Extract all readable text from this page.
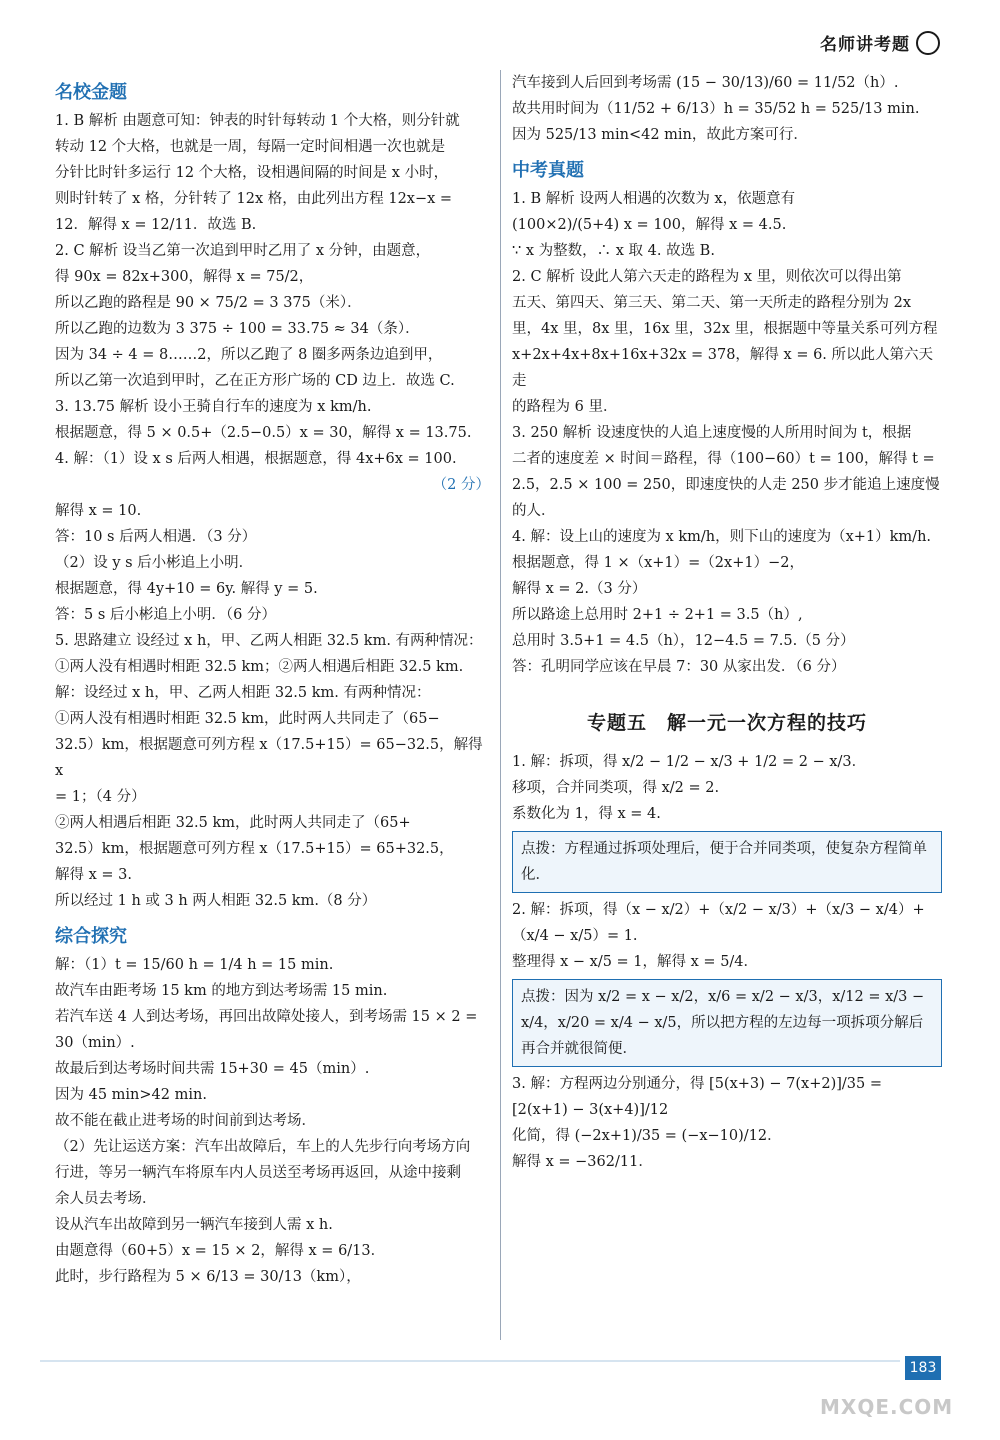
名师讲考题
名校金题
1. B 解析 由题意可知：钟表的时针每转动 1 个大格，则分针就
转动 12 个大格，也就是一周，每隔一定时间相遇一次也就是
分针比时针多运行 12 个大格，设相遇间隔的时间是 x 小时，
则时针转了 x 格，分针转了 12x 格，由此列出方程 12x−x =
12．解得 x = 12/11．故选 B.
2. C 解析 设当乙第一次追到甲时乙用了 x 分钟，由题意，
得 90x = 82x+300，解得 x = 75/2，
所以乙跑的路程是 90 × 75/2 = 3 375（米）．
所以乙跑的边数为 3 375 ÷ 100 = 33.75 ≈ 34（条）．
因为 34 ÷ 4 = 8……2，所以乙跑了 8 圈多两条边追到甲，
所以乙第一次追到甲时，乙在正方形广场的 CD 边上．故选 C.
3. 13.75 解析 设小王骑自行车的速度为 x km/h.
根据题意，得 5 × 0.5+（2.5−0.5）x = 30，解得 x = 13.75.
4. 解：（1）设 x s 后两人相遇，根据题意，得 4x+6x = 100.
（2 分）
解得 x = 10.
答：10 s 后两人相遇．（3 分）
（2）设 y s 后小彬追上小明．
根据题意，得 4y+10 = 6y. 解得 y = 5.
答：5 s 后小彬追上小明．（6 分）
5. 思路建立 设经过 x h，甲、乙两人相距 32.5 km. 有两种情况：
①两人没有相遇时相距 32.5 km；②两人相遇后相距 32.5 km.
解：设经过 x h，甲、乙两人相距 32.5 km. 有两种情况：
①两人没有相遇时相距 32.5 km，此时两人共同走了（65−
32.5）km，根据题意可列方程 x（17.5+15）= 65−32.5，解得 x
= 1；（4 分）
②两人相遇后相距 32.5 km，此时两人共同走了（65+
32.5）km，根据题意可列方程 x（17.5+15）= 65+32.5，
解得 x = 3.
所以经过 1 h 或 3 h 两人相距 32.5 km.（8 分）
综合探究
解：（1）t = 15/60 h = 1/4 h = 15 min.
故汽车由距考场 15 km 的地方到达考场需 15 min.
若汽车送 4 人到达考场，再回出故障处接人，到考场需 15 × 2 =
30（min）.
故最后到达考场时间共需 15+30 = 45（min）.
因为 45 min>42 min.
故不能在截止进考场的时间前到达考场．
（2）先让运送方案：汽车出故障后，车上的人先步行向考场方向
行进，等另一辆汽车将原车内人员送至考场再返回，从途中接剩
余人员去考场．
设从汽车出故障到另一辆汽车接到人需 x h.
由题意得（60+5）x = 15 × 2，解得 x = 6/13．
此时，步行路程为 5 × 6/13 = 30/13（km），
汽车接到人后回到考场需 (15 − 30/13)/60 = 11/52（h）.
故共用时间为（11/52 + 6/13）h = 35/52 h = 525/13 min.
因为 525/13 min<42 min，故此方案可行．
中考真题
1. B 解析 设两人相遇的次数为 x，依题意有
(100×2)/(5+4) x = 100，解得 x = 4.5.
∵ x 为整数，∴ x 取 4. 故选 B.
2. C 解析 设此人第六天走的路程为 x 里，则依次可以得出第
五天、第四天、第三天、第二天、第一天所走的路程分别为 2x
里，4x 里，8x 里，16x 里，32x 里，根据题中等量关系可列方程
x+2x+4x+8x+16x+32x = 378，解得 x = 6. 所以此人第六天走
的路程为 6 里．
3. 250 解析 设速度快的人追上速度慢的人所用时间为 t，根据
二者的速度差 × 时间＝路程，得（100−60）t = 100，解得 t =
2.5，2.5 × 100 = 250，即速度快的人走 250 步才能追上速度慢
的人．
4. 解：设上山的速度为 x km/h，则下山的速度为（x+1）km/h.
根据题意，得 1 ×（x+1）=（2x+1）−2，
解得 x = 2.（3 分）
所以路途上总用时 2+1 ÷ 2+1 = 3.5（h）,
总用时 3.5+1 = 4.5（h），12−4.5 = 7.5.（5 分）
答：孔明同学应该在早晨 7：30 从家出发．（6 分）
专题五　解一元一次方程的技巧
1. 解：拆项，得 x/2 − 1/2 − x/3 + 1/2 = 2 − x/3．
移项，合并同类项，得 x/2 = 2.
系数化为 1，得 x = 4.
点拨：方程通过拆项处理后，便于合并同类项，使复杂方程简单化．
2. 解：拆项，得（x − x/2）+（x/2 − x/3）+（x/3 − x/4）+（x/4 − x/5）= 1.
整理得 x − x/5 = 1，解得 x = 5/4．
点拨：因为 x/2 = x − x/2，x/6 = x/2 − x/3，x/12 = x/3 − x/4，x/20 = x/4 − x/5，所以把方程的左边每一项拆项分解后再合并就很简便．
3. 解：方程两边分别通分，得 [5(x+3) − 7(x+2)]/35 = [2(x+1) − 3(x+4)]/12
化简，得 (−2x+1)/35 = (−x−10)/12．
解得 x = −362/11．
183
MXQE.COM
